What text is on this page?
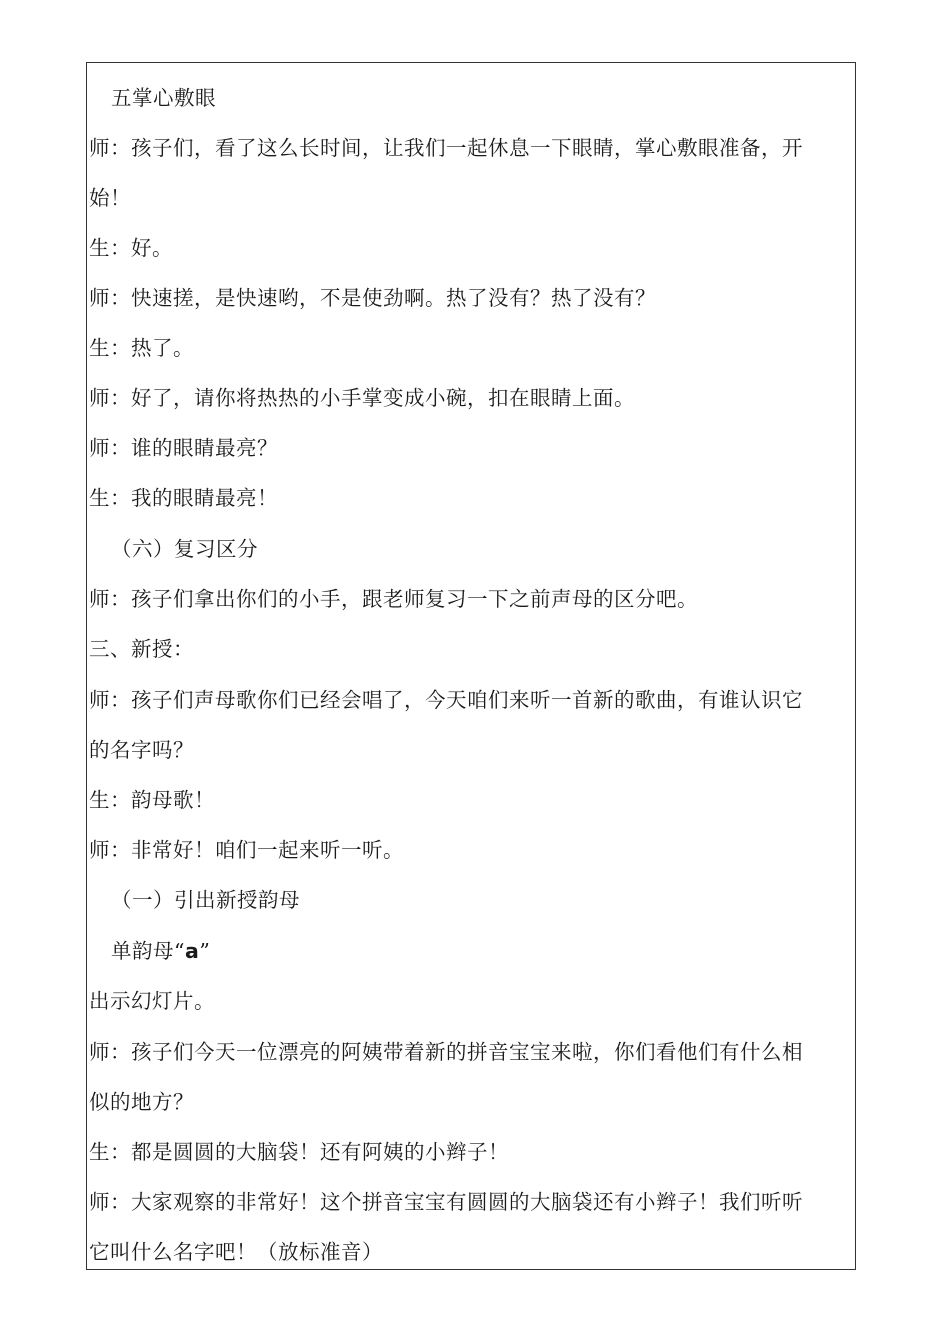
五掌心敷眼
师：孩子们，看了这么长时间，让我们一起休息一下眼睛，掌心敷眼准备，开
始！
生：好。
师：快速搓，是快速哟，不是使劲啊。热了没有？热了没有？
生：热了。
师：好了，请你将热热的小手掌变成小碗，扣在眼睛上面。
师：谁的眼睛最亮？
生：我的眼睛最亮！
（六）复习区分
师：孩子们拿出你们的小手，跟老师复习一下之前声母的区分吧。
三、新授：
师：孩子们声母歌你们已经会唱了，今天咱们来听一首新的歌曲，有谁认识它
的名字吗？
生：韵母歌！
师：非常好！咱们一起来听一听。
（一）引出新授韵母
单韵母“a”
出示幻灯片。
师：孩子们今天一位漂亮的阿姨带着新的拼音宝宝来啦，你们看他们有什么相
似的地方？
生：都是圆圆的大脑袋！还有阿姨的小辫子！
师：大家观察的非常好！这个拼音宝宝有圆圆的大脑袋还有小辫子！我们听听
它叫什么名字吧！（放标准音）
